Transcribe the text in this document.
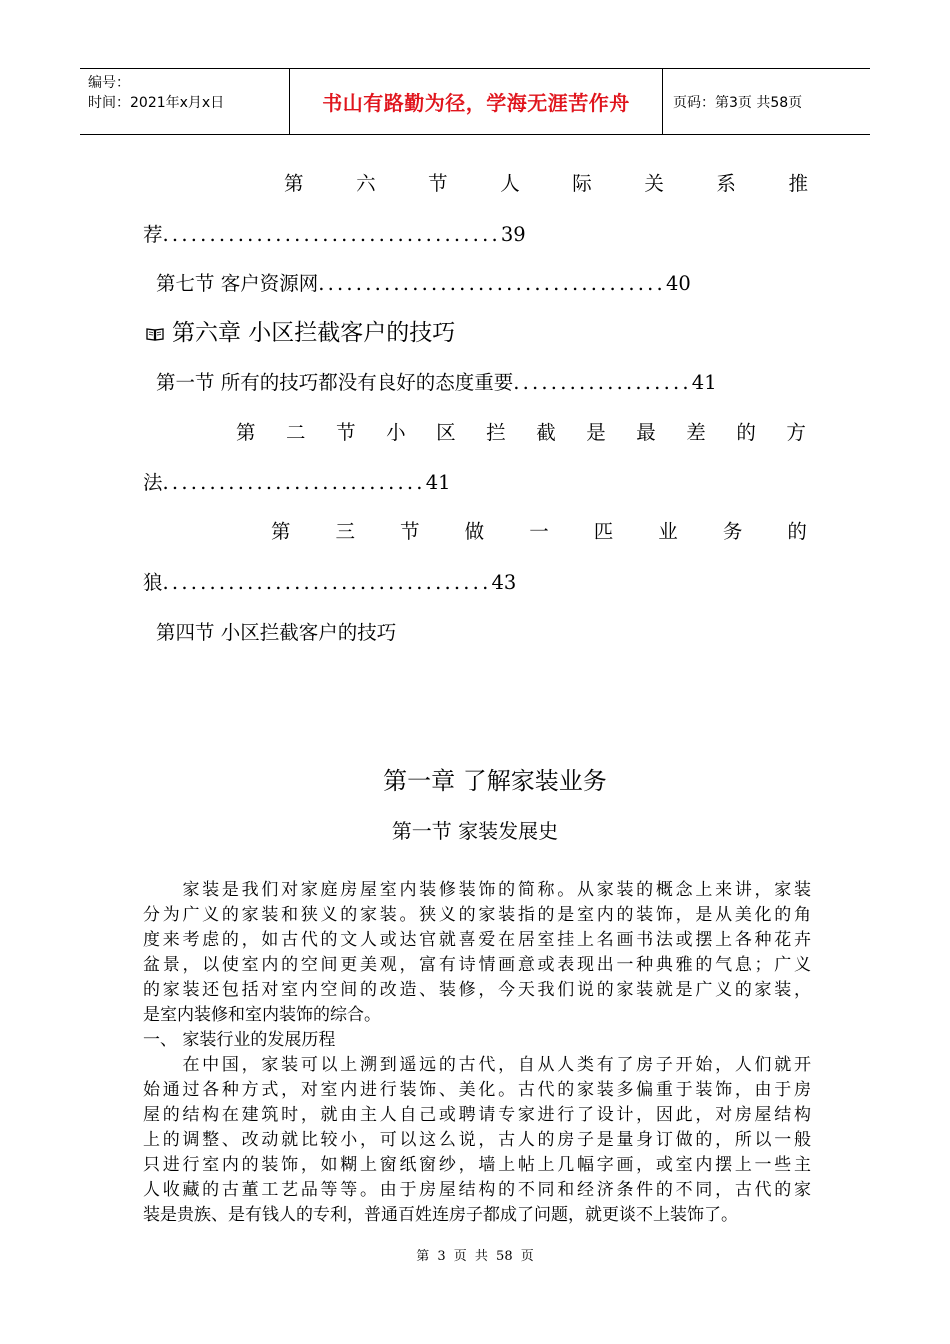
编号：
时间：2021年x月x日	书山有路勤为径，学海无涯苦作舟	页码：第3页 共58页
第	六	节	人	际	关	系	推
荐....................................39
第七节 客户资源网.....................................40
第六章 小区拦截客户的技巧
第一节 所有的技巧都没有良好的态度重要...................41
第 二 节 小 区 拦 截 是 最 差 的 方
法............................41
第 三 节 做 一 匹 业 务 的
狼...................................43
第四节 小区拦截客户的技巧
第一章 了解家装业务
第一节 家装发展史
　　家装是我们对家庭房屋室内装修装饰的简称。从家装的概念上来讲，家装
分为广义的家装和狭义的家装。狭义的家装指的是室内的装饰，是从美化的角
度来考虑的，如古代的文人或达官就喜爱在居室挂上名画书法或摆上各种花卉
盆景，以使室内的空间更美观，富有诗情画意或表现出一种典雅的气息；广义
的家装还包括对室内空间的改造、装修，今天我们说的家装就是广义的家装，
是室内装修和室内装饰的综合。
一、 家装行业的发展历程
　　在中国，家装可以上溯到遥远的古代，自从人类有了房子开始，人们就开
始通过各种方式，对室内进行装饰、美化。古代的家装多偏重于装饰，由于房
屋的结构在建筑时，就由主人自己或聘请专家进行了设计，因此，对房屋结构
上的调整、改动就比较小，可以这么说，古人的房子是量身订做的，所以一般
只进行室内的装饰，如糊上窗纸窗纱，墙上帖上几幅字画，或室内摆上一些主
人收藏的古董工艺品等等。由于房屋结构的不同和经济条件的不同，古代的家
装是贵族、是有钱人的专利，普通百姓连房子都成了问题，就更谈不上装饰了。
第 3 页 共 58 页
